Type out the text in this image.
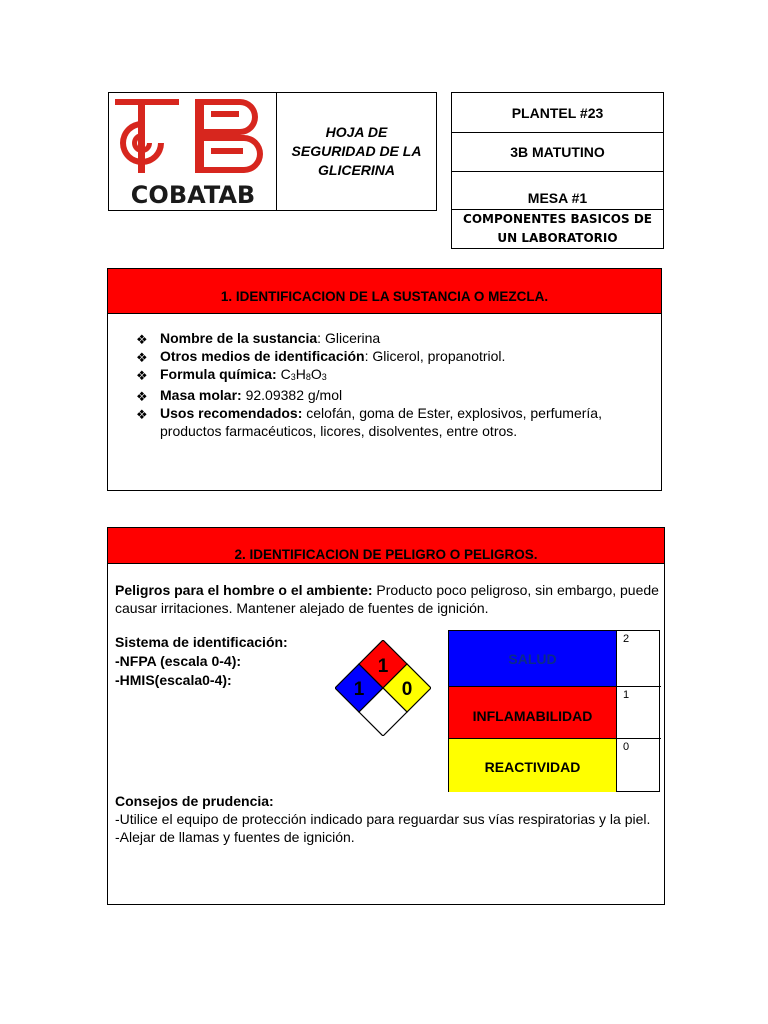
COBATAB
HOJA DE SEGURIDAD DE LA GLICERINA
PLANTEL #23
3B MATUTINO
MESA #1
COMPONENTES BASICOS DE UN LABORATORIO
1. IDENTIFICACION DE LA SUSTANCIA O MEZCLA.
❖ Nombre de la sustancia: Glicerina
❖ Otros medios de identificación: Glicerol, propanotriol.
❖ Formula química: $C_3H_8O_3$
❖ Masa molar: 92.09382 g/mol
❖ Usos recomendados: celofán, goma de Ester, explosivos, perfumería, productos farmacéuticos, licores, disolventes, entre otros.
2. IDENTIFICACION DE PELIGRO O PELIGROS.
Peligros para el hombre o el ambiente: Producto poco peligroso, sin embargo, puede causar irritaciones. Mantener alejado de fuentes de ignición.
Sistema de identificación:
-NFPA (escala 0-4):
-HMIS(escala0-4):
Consejos de prudencia:
-Utilice el equipo de protección indicado para reguardar sus vías respiratorias y la piel.
-Alejar de llamas y fuentes de ignición.
1
1
0
SALUD
2
INFLAMABILIDAD
1
REACTIVIDAD
0
